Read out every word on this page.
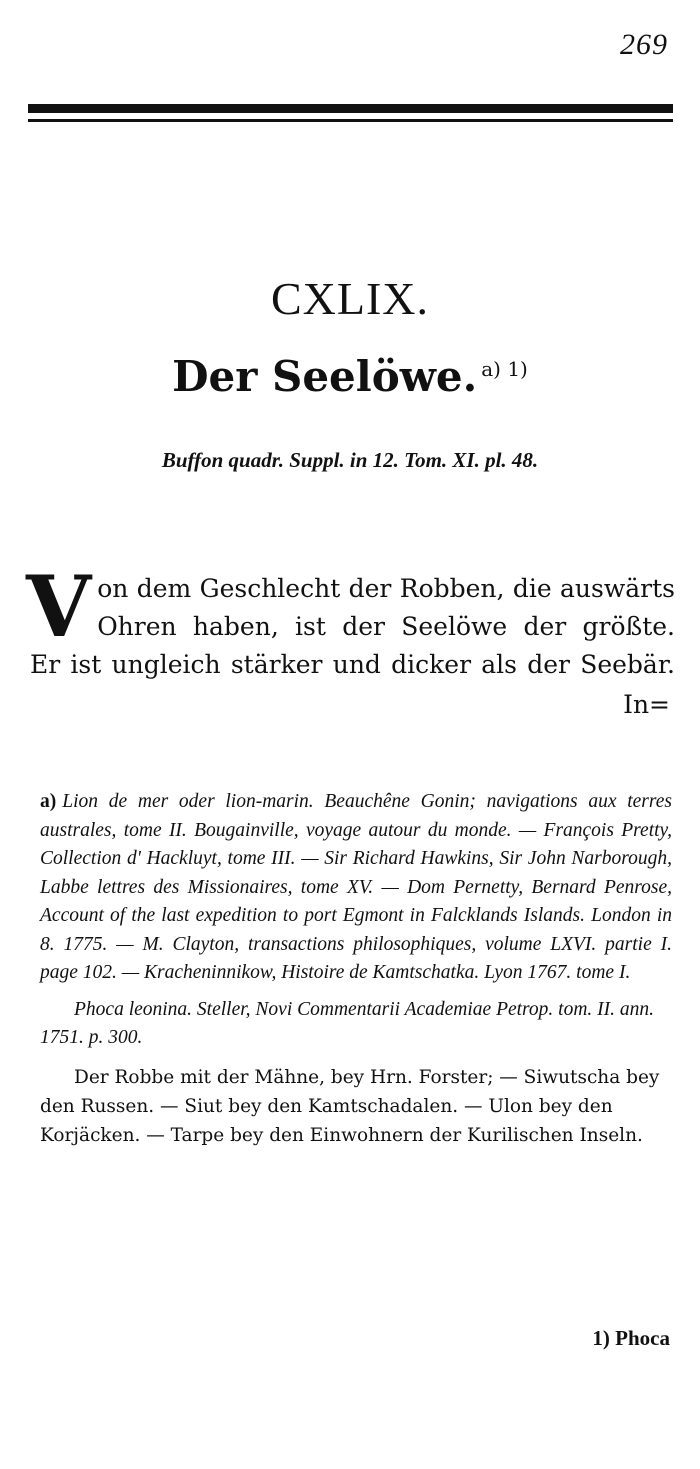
269
CXLIX.
Der Seelöwe. $^{a) 1)}$
Buffon quadr. Suppl. in 12. Tom. XI. pl. 48.
V on dem Geschlecht der Robben, die auswärts
Ohren haben, ist der Seelöwe der größte.
Er ist ungleich stärker und dicker als der Seebär.
In=

a) Lion de mer oder lion-marin. Beauchêne Gonin; navigations aux terres australes, tome II. Bougainville, voyage autour du monde. — François Pretty, Collection d' Hackluyt, tome III. — Sir Richard Hawkins, Sir John Narborough, Labbe lettres des Missionaires, tome XV. — Dom Pernetty, Bernard Penrose, Account of the last expedition to port Egmont in Falcklands Islands. London in 8. 1775. — M. Clayton, transactions philosophiques, volume LXVI. partie I. page 102. — Kracheninnikow, Histoire de Kamtschatka. Lyon 1767. tome I.

Phoca leonina. Steller, Novi Commentarii Academiae Petrop. tom. II. ann. 1751. p. 300.

Der Robbe mit der Mähne, bey Hrn. Forster; — Siwutscha bey den Russen. — Siut bey den Kamtschadalen. — Ulon bey den Korjäcken. — Tarpe bey den Einwohnern der Kurilischen Inseln.

1) Phoca
